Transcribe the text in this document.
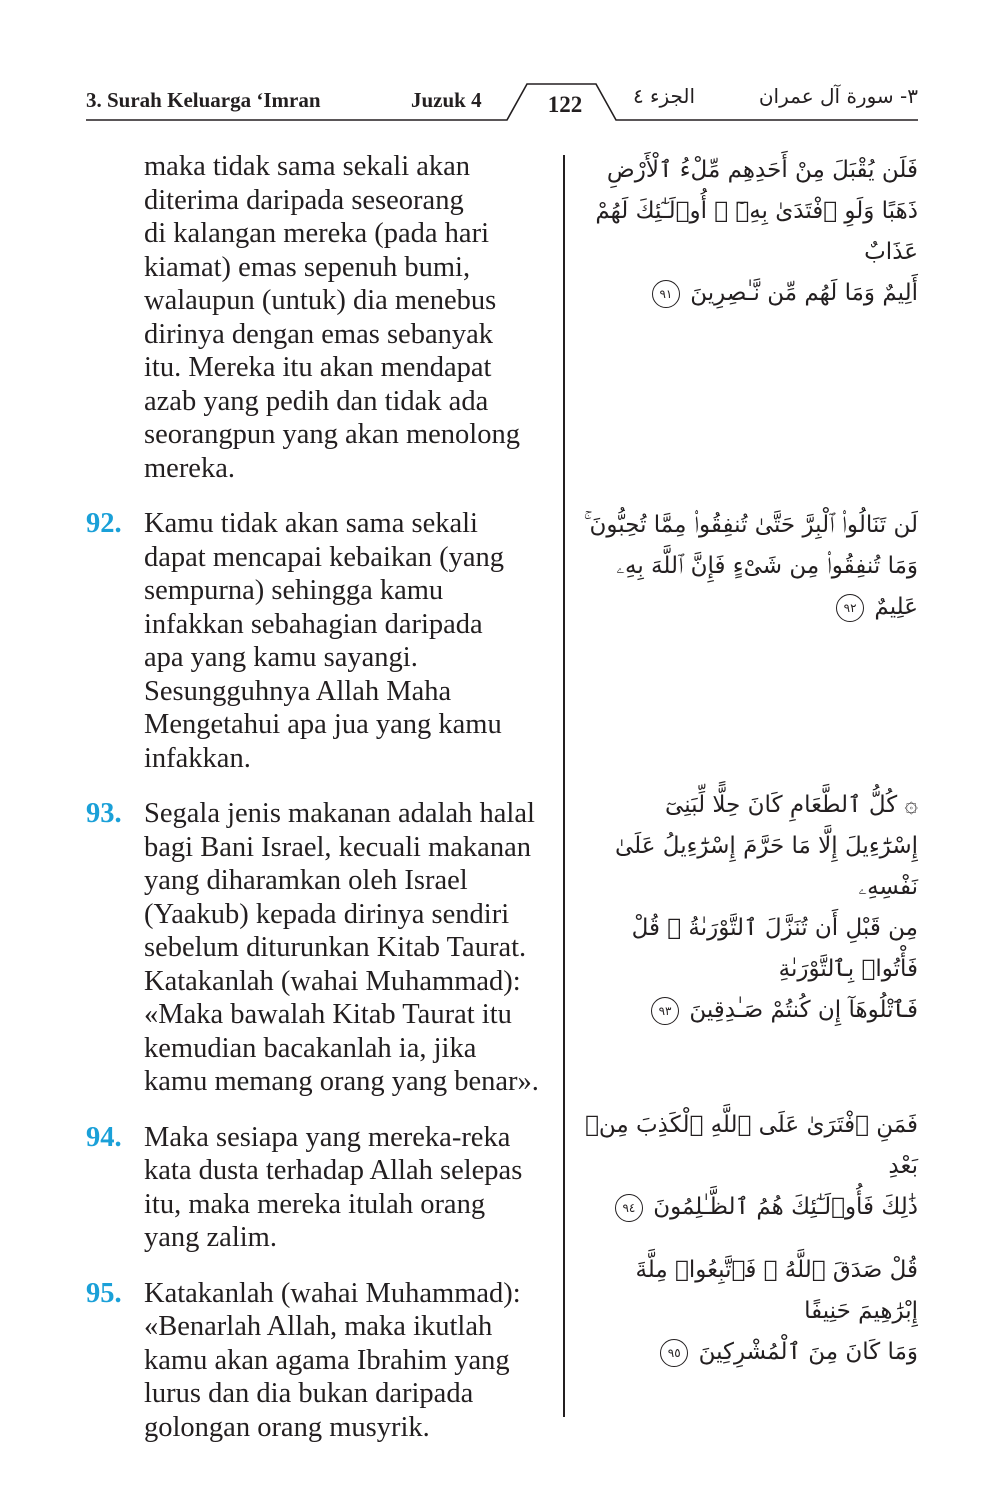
3. Surah Keluarga ‘Imran	Juzuk 4	122	الجزء ٤	٣- سورة آل عمران
maka tidak sama sekali akan
diterima daripada seseorang
di kalangan mereka (pada hari
kiamat) emas sepenuh bumi,
walaupun (untuk) dia menebus
dirinya dengan emas sebanyak
itu. Mereka itu akan mendapat
azab yang pedih dan tidak ada
seorangpun yang akan menolong
mereka.
92. Kamu tidak akan sama sekali
dapat mencapai kebaikan (yang
sempurna) sehingga kamu
infakkan sebahagian daripada
apa yang kamu sayangi.
Sesungguhnya Allah Maha
Mengetahui apa jua yang kamu
infakkan.
93. Segala jenis makanan adalah halal
bagi Bani Israel, kecuali makanan
yang diharamkan oleh Israel
(Yaakub) kepada dirinya sendiri
sebelum diturunkan Kitab Taurat.
Katakanlah (wahai Muhammad):
«Maka bawalah Kitab Taurat itu
kemudian bacakanlah ia, jika
kamu memang orang yang benar».
94. Maka sesiapa yang mereka-reka
kata dusta terhadap Allah selepas
itu, maka mereka itulah orang
yang zalim.
95. Katakanlah (wahai Muhammad):
«Benarlah Allah, maka ikutlah
kamu akan agama Ibrahim yang
lurus dan dia bukan daripada
golongan orang musyrik.
فَلَن يُقْبَلَ مِنْ أَحَدِهِم مِّلْءُ ٱلْأَرْضِ
ذَهَبًا وَلَوِ ٱفْتَدَىٰ بِهِۦٓ ۗ أُو۟لَـٰٓئِكَ لَهُمْ عَذَابٌ
أَلِيمٌ وَمَا لَهُم مِّن نَّـٰصِرِينَ ٩١
لَن تَنَالُوا۟ ٱلْبِرَّ حَتَّىٰ تُنفِقُوا۟ مِمَّا تُحِبُّونَ ۚ
وَمَا تُنفِقُوا۟ مِن شَىْءٍ فَإِنَّ ٱللَّهَ بِهِۦ عَلِيمٌ ٩٢
۞ كُلُّ ٱلطَّعَامِ كَانَ حِلًّا لِّبَنِىٓ
إِسْرَٰٓءِيلَ إِلَّا مَا حَرَّمَ إِسْرَٰٓءِيلُ عَلَىٰ نَفْسِهِۦ
مِن قَبْلِ أَن تُنَزَّلَ ٱلتَّوْرَىٰةُ ۗ قُلْ فَأْتُوا۟ بِٱلتَّوْرَىٰةِ
فَٱتْلُوهَآ إِن كُنتُمْ صَـٰدِقِينَ ٩٣
فَمَنِ ٱفْتَرَىٰ عَلَى ٱللَّهِ ٱلْكَذِبَ مِنۢ بَعْدِ
ذَٰلِكَ فَأُو۟لَـٰٓئِكَ هُمُ ٱلظَّـٰلِمُونَ ٩٤
قُلْ صَدَقَ ٱللَّهُ ۗ فَٱتَّبِعُوا۟ مِلَّةَ إِبْرَٰهِيمَ حَنِيفًا
وَمَا كَانَ مِنَ ٱلْمُشْرِكِينَ ٩٥
